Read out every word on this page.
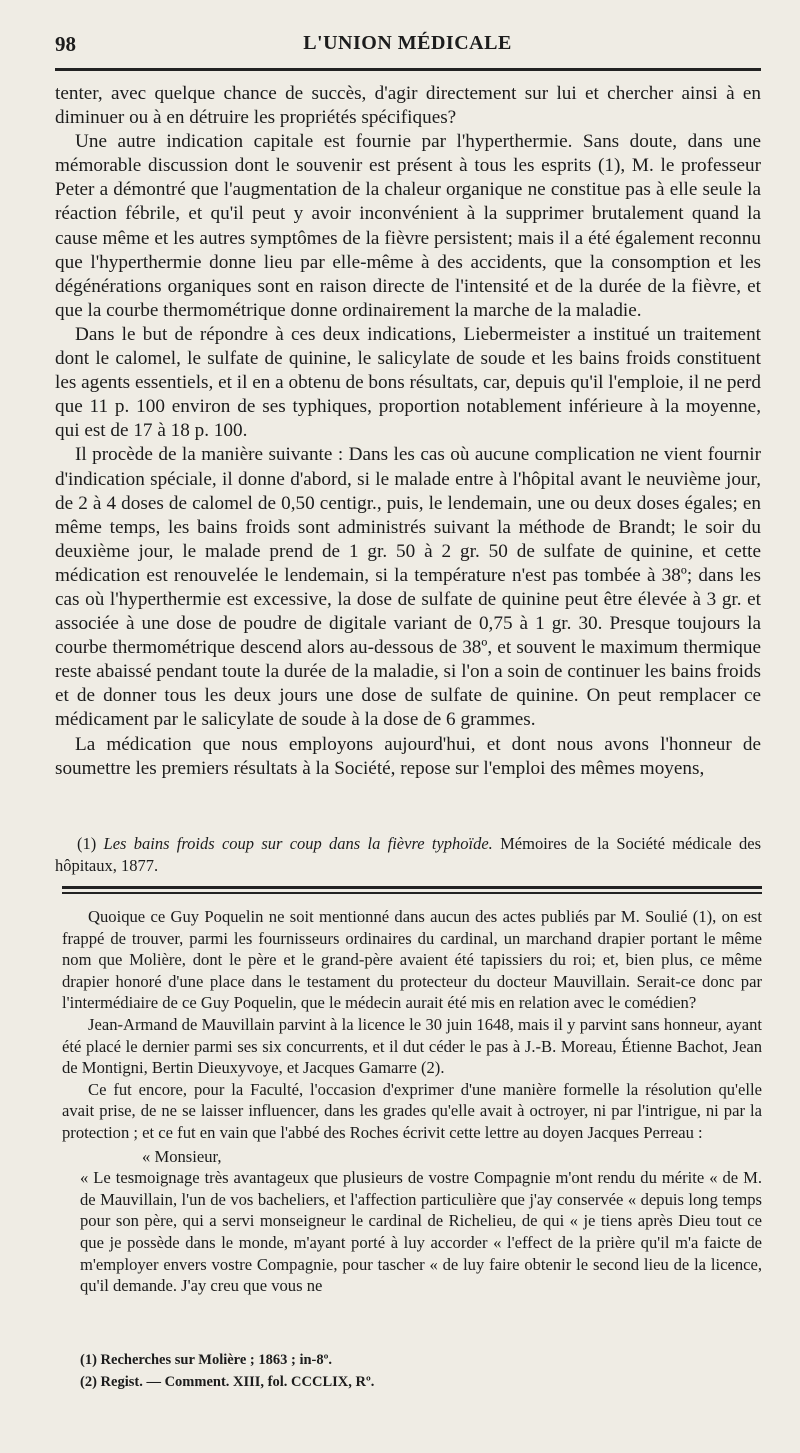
98	L'UNION MÉDICALE

tenter, avec quelque chance de succès, d'agir directement sur lui et chercher ainsi à en diminuer ou à en détruire les propriétés spécifiques?

Une autre indication capitale est fournie par l'hyperthermie. Sans doute, dans une mémorable discussion dont le souvenir est présent à tous les esprits (1), M. le professeur Peter a démontré que l'augmentation de la chaleur organique ne constitue pas à elle seule la réaction fébrile, et qu'il peut y avoir inconvénient à la supprimer brutalement quand la cause même et les autres symptômes de la fièvre persistent; mais il a été également reconnu que l'hyperthermie donne lieu par elle-même à des accidents, que la consomption et les dégénérations organiques sont en raison directe de l'intensité et de la durée de la fièvre, et que la courbe thermométrique donne ordinairement la marche de la maladie.

Dans le but de répondre à ces deux indications, Liebermeister a institué un traitement dont le calomel, le sulfate de quinine, le salicylate de soude et les bains froids constituent les agents essentiels, et il en a obtenu de bons résultats, car, depuis qu'il l'emploie, il ne perd que 11 p. 100 environ de ses typhiques, proportion notablement inférieure à la moyenne, qui est de 17 à 18 p. 100.

Il procède de la manière suivante : Dans les cas où aucune complication ne vient fournir d'indication spéciale, il donne d'abord, si le malade entre à l'hôpital avant le neuvième jour, de 2 à 4 doses de calomel de 0,50 centigr., puis, le lendemain, une ou deux doses égales; en même temps, les bains froids sont administrés suivant la méthode de Brandt; le soir du deuxième jour, le malade prend de 1 gr. 50 à 2 gr. 50 de sulfate de quinine, et cette médication est renouvelée le lendemain, si la température n'est pas tombée à 38º; dans les cas où l'hyperthermie est excessive, la dose de sulfate de quinine peut être élevée à 3 gr. et associée à une dose de poudre de digitale variant de 0,75 à 1 gr. 30. Presque toujours la courbe thermométrique descend alors au-dessous de 38º, et souvent le maximum thermique reste abaissé pendant toute la durée de la maladie, si l'on a soin de continuer les bains froids et de donner tous les deux jours une dose de sulfate de quinine. On peut remplacer ce médicament par le salicylate de soude à la dose de 6 grammes.

La médication que nous employons aujourd'hui, et dont nous avons l'honneur de soumettre les premiers résultats à la Société, repose sur l'emploi des mêmes moyens,

(1) Les bains froids coup sur coup dans la fièvre typhoïde. Mémoires de la Société médicale des hôpitaux, 1877.

Quoique ce Guy Poquelin ne soit mentionné dans aucun des actes publiés par M. Soulié (1), on est frappé de trouver, parmi les fournisseurs ordinaires du cardinal, un marchand drapier portant le même nom que Molière, dont le père et le grand-père avaient été tapissiers du roi; et, bien plus, ce même drapier honoré d'une place dans le testament du protecteur du docteur Mauvillain. Serait-ce donc par l'intermédiaire de ce Guy Poquelin, que le médecin aurait été mis en relation avec le comédien?

Jean-Armand de Mauvillain parvint à la licence le 30 juin 1648, mais il y parvint sans honneur, ayant été placé le dernier parmi ses six concurrents, et il dut céder le pas à J.-B. Moreau, Étienne Bachot, Jean de Montigni, Bertin Dieuxyvoye, et Jacques Gamarre (2).

Ce fut encore, pour la Faculté, l'occasion d'exprimer d'une manière formelle la résolution qu'elle avait prise, de ne se laisser influencer, dans les grades qu'elle avait à octroyer, ni par l'intrigue, ni par la protection ; et ce fut en vain que l'abbé des Roches écrivit cette lettre au doyen Jacques Perreau :

« Monsieur,

« Le tesmoignage très avantageux que plusieurs de vostre Compagnie m'ont rendu du mérite « de M. de Mauvillain, l'un de vos bacheliers, et l'affection particulière que j'ay conservée « depuis long temps pour son père, qui a servi monseigneur le cardinal de Richelieu, de qui « je tiens après Dieu tout ce que je possède dans le monde, m'ayant porté à luy accorder « l'effect de la prière qu'il m'a faicte de m'employer envers vostre Compagnie, pour tascher « de luy faire obtenir le second lieu de la licence, qu'il demande. J'ay creu que vous ne

(1) Recherches sur Molière ; 1863 ; in-8º.

(2) Regist. — Comment. XIII, fol. CCCLIX, Rº.
